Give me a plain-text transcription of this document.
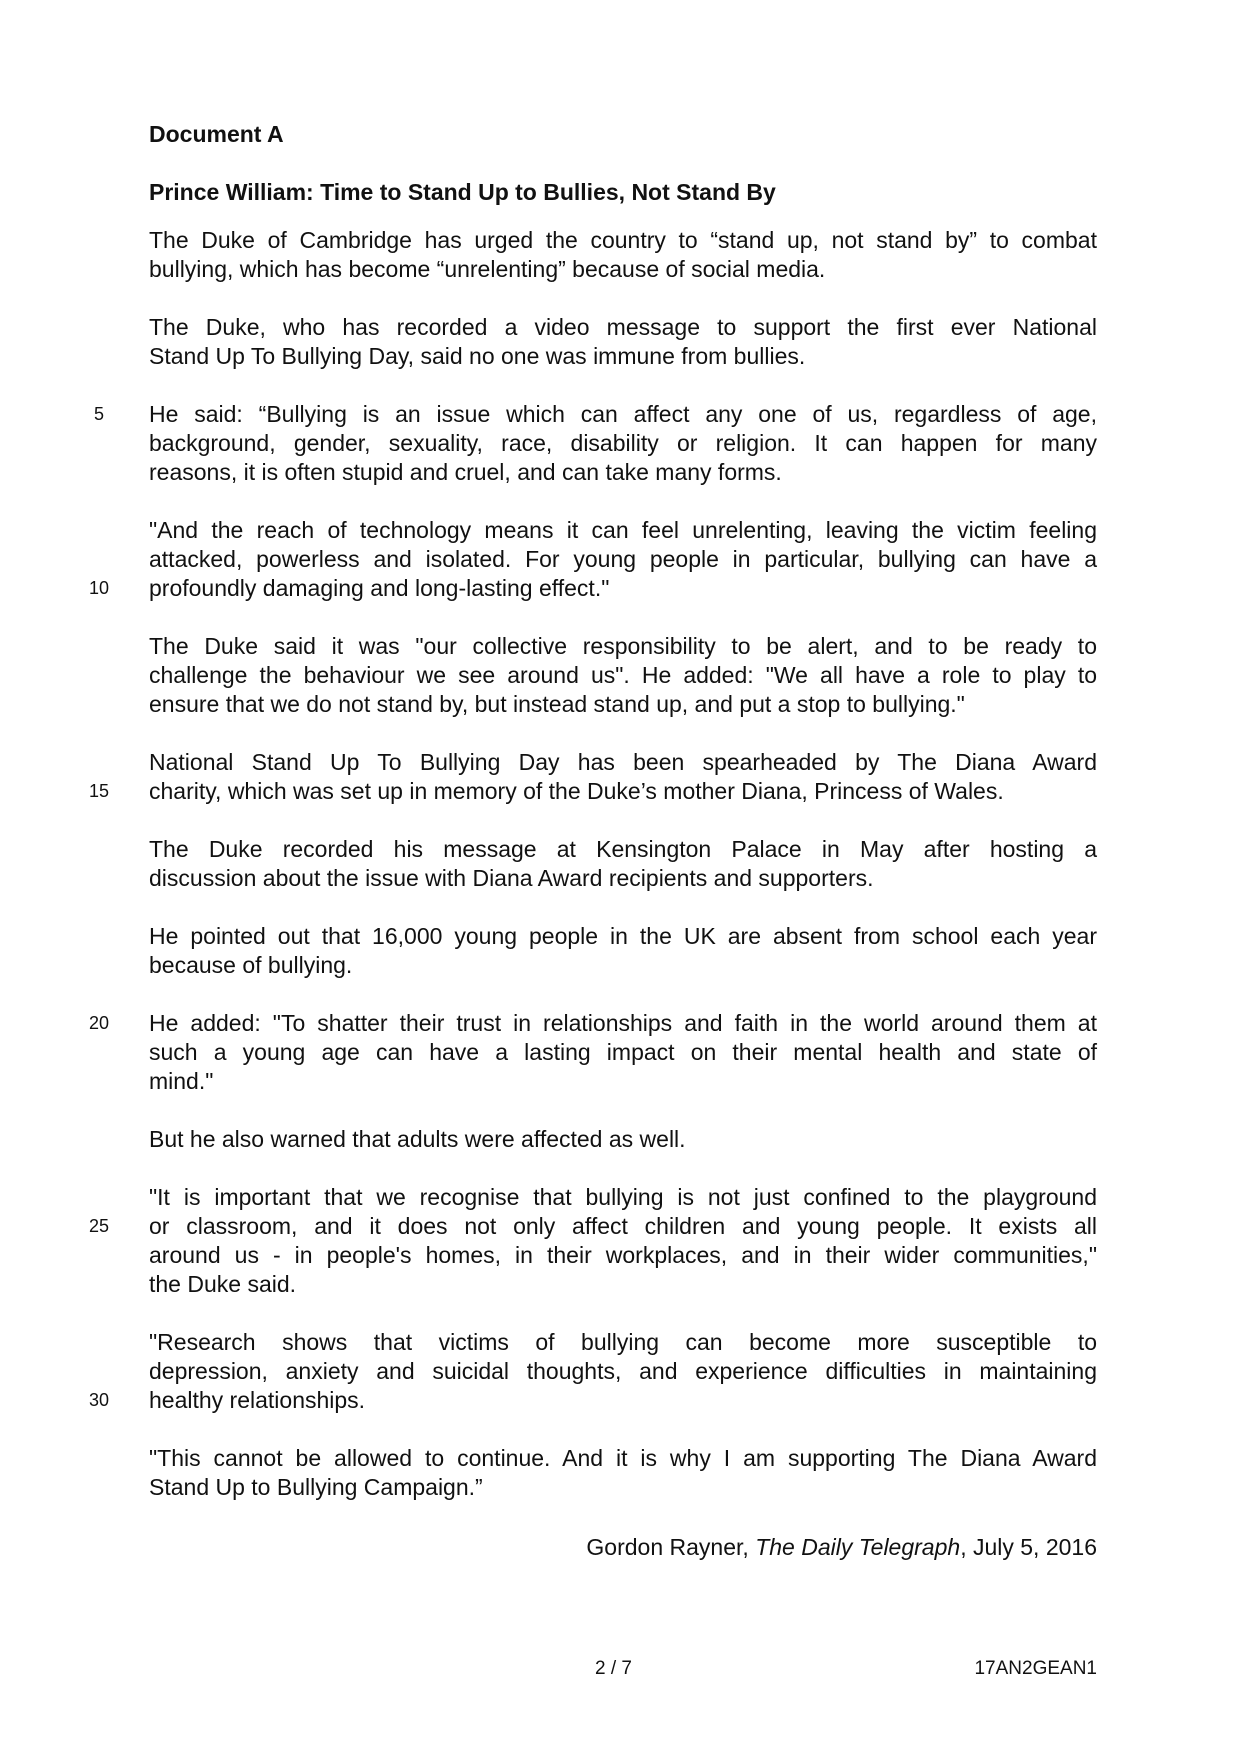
Document A
Prince William: Time to Stand Up to Bullies, Not Stand By
The Duke of Cambridge has urged the country to “stand up, not stand by” to combat
bullying, which has become “unrelenting” because of social media.
The Duke, who has recorded a video message to support the first ever National
Stand Up To Bullying Day, said no one was immune from bullies.
He said: “Bullying is an issue which can affect any one of us, regardless of age,
background, gender, sexuality, race, disability or religion. It can happen for many
reasons, it is often stupid and cruel, and can take many forms.
"And the reach of technology means it can feel unrelenting, leaving the victim feeling
attacked, powerless and isolated. For young people in particular, bullying can have a
profoundly damaging and long-lasting effect."
The Duke said it was "our collective responsibility to be alert, and to be ready to
challenge the behaviour we see around us". He added: "We all have a role to play to
ensure that we do not stand by, but instead stand up, and put a stop to bullying."
National Stand Up To Bullying Day has been spearheaded by The Diana Award
charity, which was set up in memory of the Duke’s mother Diana, Princess of Wales.
The Duke recorded his message at Kensington Palace in May after hosting a
discussion about the issue with Diana Award recipients and supporters.
He pointed out that 16,000 young people in the UK are absent from school each year
because of bullying.
He added: "To shatter their trust in relationships and faith in the world around them at
such a young age can have a lasting impact on their mental health and state of
mind."
But he also warned that adults were affected as well.
"It is important that we recognise that bullying is not just confined to the playground
or classroom, and it does not only affect children and young people. It exists all
around us - in people's homes, in their workplaces, and in their wider communities,"
the Duke said.
"Research shows that victims of bullying can become more susceptible to
depression, anxiety and suicidal thoughts, and experience difficulties in maintaining
healthy relationships.
"This cannot be allowed to continue. And it is why I am supporting The Diana Award
Stand Up to Bullying Campaign.”
5
10
15
20
25
30
Gordon Rayner, The Daily Telegraph, July 5, 2016
2 / 7	17AN2GEAN1
